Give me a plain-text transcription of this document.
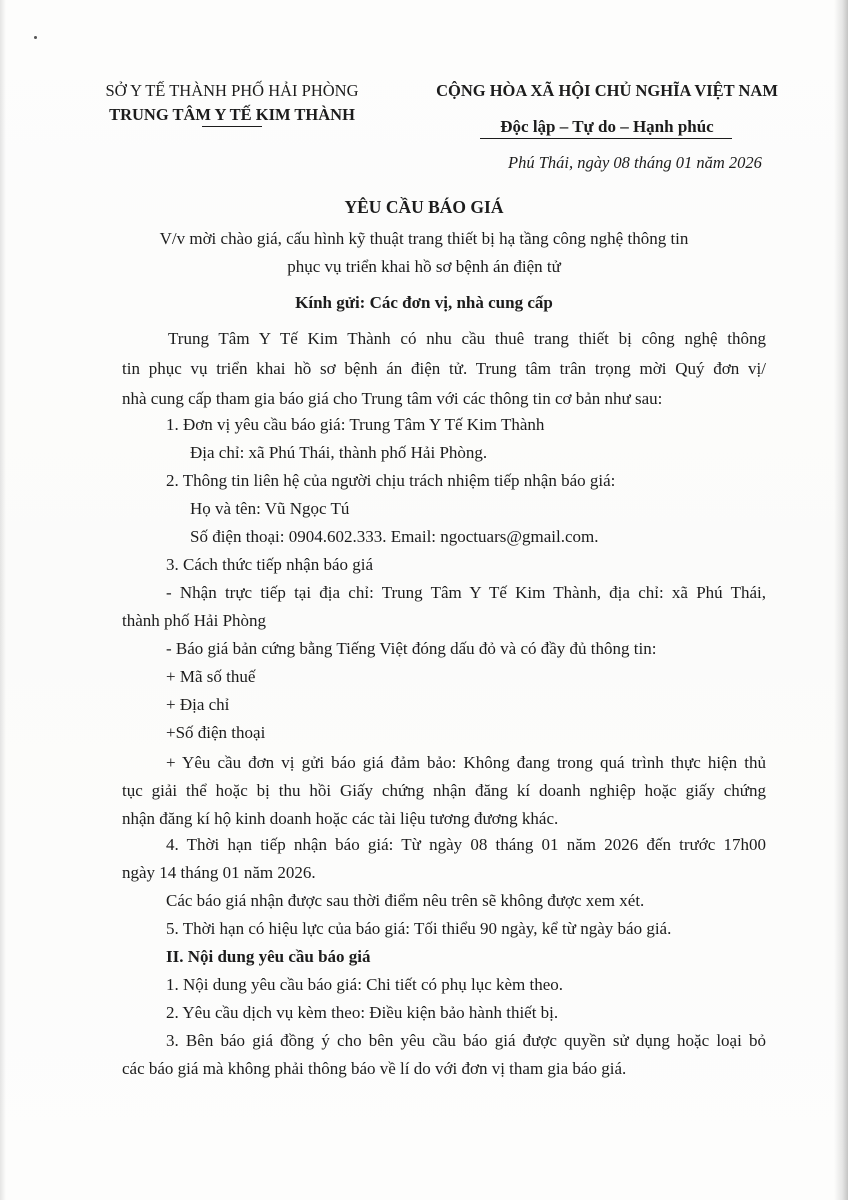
SỞ Y TẾ THÀNH PHỐ HẢI PHÒNG
TRUNG TÂM Y TẾ KIM THÀNH
CỘNG HÒA XÃ HỘI CHỦ NGHĨA VIỆT NAM
Độc lập – Tự do – Hạnh phúc
Phú Thái, ngày 08 tháng 01 năm 2026
YÊU CẦU BÁO GIÁ
V/v mời chào giá, cấu hình kỹ thuật trang thiết bị hạ tầng công nghệ thông tin
phục vụ triển khai hồ sơ bệnh án điện tử
Kính gửi: Các đơn vị, nhà cung cấp
Trung Tâm Y Tế Kim Thành có nhu cầu thuê trang thiết bị công nghệ thông
tin phục vụ triển khai hồ sơ bệnh án điện tử. Trung tâm trân trọng mời Quý đơn vị/
nhà cung cấp tham gia báo giá cho Trung tâm với các thông tin cơ bản như sau:
1. Đơn vị yêu cầu báo giá: Trung Tâm Y Tế Kim Thành
Địa chỉ: xã Phú Thái, thành phố Hải Phòng.
2. Thông tin liên hệ của người chịu trách nhiệm tiếp nhận báo giá:
Họ và tên: Vũ Ngọc Tú
Số điện thoại: 0904.602.333. Email: ngoctuars@gmail.com.
3. Cách thức tiếp nhận báo giá
- Nhận trực tiếp tại địa chỉ: Trung Tâm Y Tế Kim Thành, địa chỉ: xã Phú Thái,
thành phố Hải Phòng
- Báo giá bản cứng bằng Tiếng Việt đóng dấu đỏ và có đầy đủ thông tin:
+ Mã số thuế
+ Địa chỉ
+Số điện thoại
+ Yêu cầu đơn vị gửi báo giá đảm bảo: Không đang trong quá trình thực hiện thủ
tục giải thể hoặc bị thu hồi Giấy chứng nhận đăng kí doanh nghiệp hoặc giấy chứng
nhận đăng kí hộ kinh doanh hoặc các tài liệu tương đương khác.
4. Thời hạn tiếp nhận báo giá: Từ ngày 08 tháng 01 năm 2026 đến trước 17h00
ngày 14 tháng 01 năm 2026.
Các báo giá nhận được sau thời điểm nêu trên sẽ không được xem xét.
5. Thời hạn có hiệu lực của báo giá: Tối thiểu 90 ngày, kể từ ngày báo giá.
II. Nội dung yêu cầu báo giá
1. Nội dung yêu cầu báo giá: Chi tiết có phụ lục kèm theo.
2. Yêu cầu dịch vụ kèm theo: Điều kiện bảo hành thiết bị.
3. Bên báo giá đồng ý cho bên yêu cầu báo giá được quyền sử dụng hoặc loại bỏ
các báo giá mà không phải thông báo về lí do với đơn vị tham gia báo giá.
